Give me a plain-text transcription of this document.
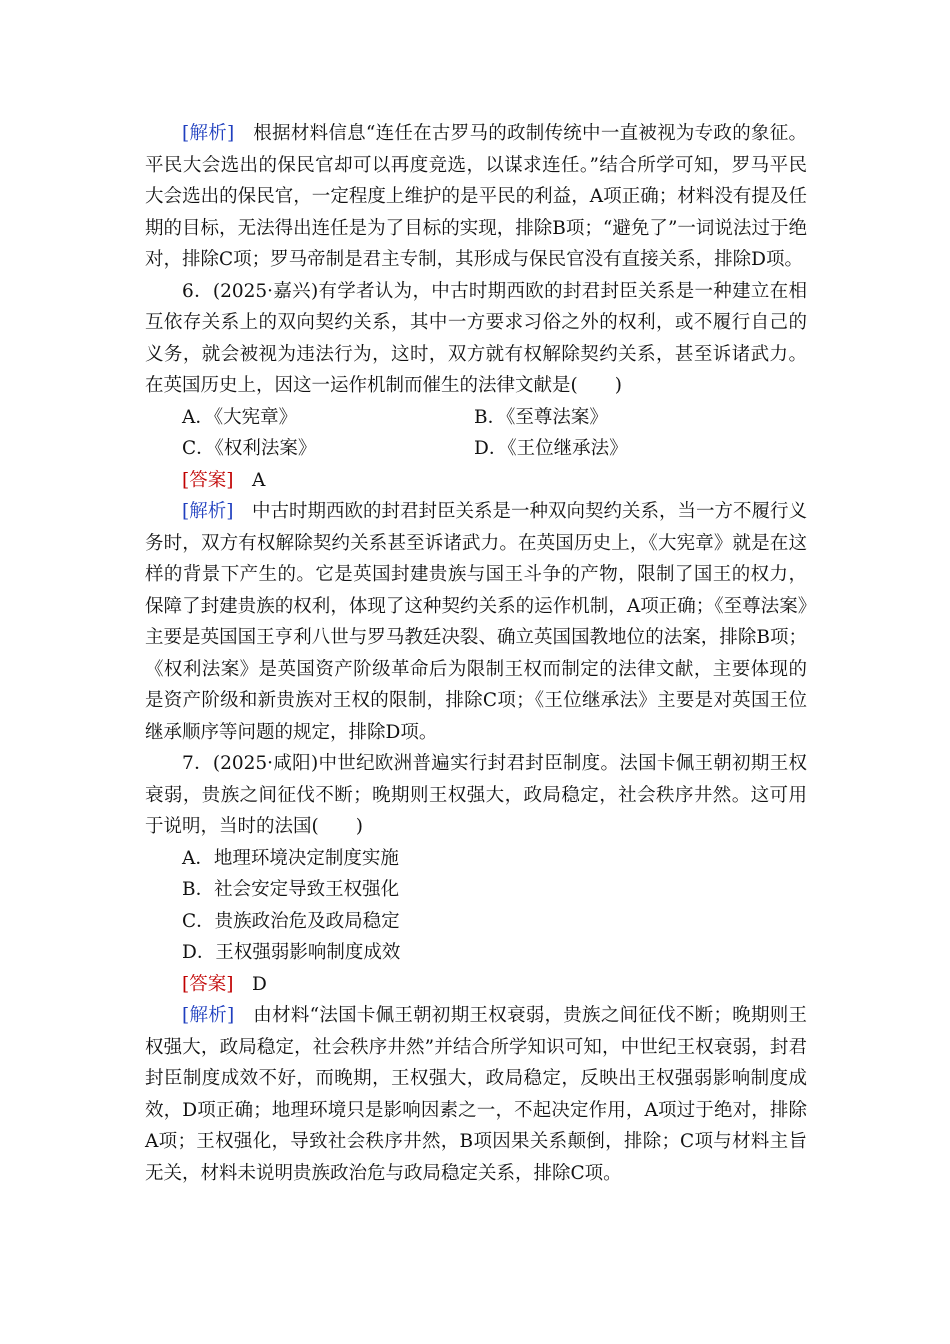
[解析]　 根据材料信息“连任在古罗马的政制传统中一直被视为专政的象征。平民大会选出的保民官却可以再度竞选，以谋求连任。”结合所学可知，罗马平民大会选出的保民官，一定程度上维护的是平民的利益，A项正确；材料没有提及任期的目标，无法得出连任是为了目标的实现，排除B项；“避免了”一词说法过于绝对，排除C项；罗马帝制是君主专制，其形成与保民官没有直接关系，排除D项。

6．(2025·嘉兴)有学者认为，中古时期西欧的封君封臣关系是一种建立在相互依存关系上的双向契约关系，其中一方要求习俗之外的权利，或不履行自己的义务，就会被视为违法行为，这时，双方就有权解除契约关系，甚至诉诸武力。在英国历史上，因这一运作机制而催生的法律文献是(　　)

A．《大宪章》	B．《至尊法案》
C．《权利法案》	D．《王位继承法》
[答案]　 A

[解析]　 中古时期西欧的封君封臣关系是一种双向契约关系，当一方不履行义务时，双方有权解除契约关系甚至诉诸武力。在英国历史上，《大宪章》就是在这样的背景下产生的。它是英国封建贵族与国王斗争的产物，限制了国王的权力，保障了封建贵族的权利，体现了这种契约关系的运作机制，A项正确；《至尊法案》主要是英国国王亨利八世与罗马教廷决裂、确立英国国教地位的法案，排除B项；《权利法案》是英国资产阶级革命后为限制王权而制定的法律文献，主要体现的是资产阶级和新贵族对王权的限制，排除C项；《王位继承法》主要是对英国王位继承顺序等问题的规定，排除D项。

7．(2025·咸阳)中世纪欧洲普遍实行封君封臣制度。法国卡佩王朝初期王权衰弱，贵族之间征伐不断；晚期则王权强大，政局稳定，社会秩序井然。这可用于说明，当时的法国(　　)

A．地理环境决定制度实施
B．社会安定导致王权强化
C．贵族政治危及政局稳定
D．王权强弱影响制度成效
[答案]　 D

[解析]　 由材料“法国卡佩王朝初期王权衰弱，贵族之间征伐不断；晚期则王权强大，政局稳定，社会秩序井然”并结合所学知识可知，中世纪王权衰弱，封君封臣制度成效不好，而晚期，王权强大，政局稳定，反映出王权强弱影响制度成效，D项正确；地理环境只是影响因素之一，不起决定作用，A项过于绝对，排除A项；王权强化，导致社会秩序井然，B项因果关系颠倒，排除；C项与材料主旨无关，材料未说明贵族政治危与政局稳定关系，排除C项。
